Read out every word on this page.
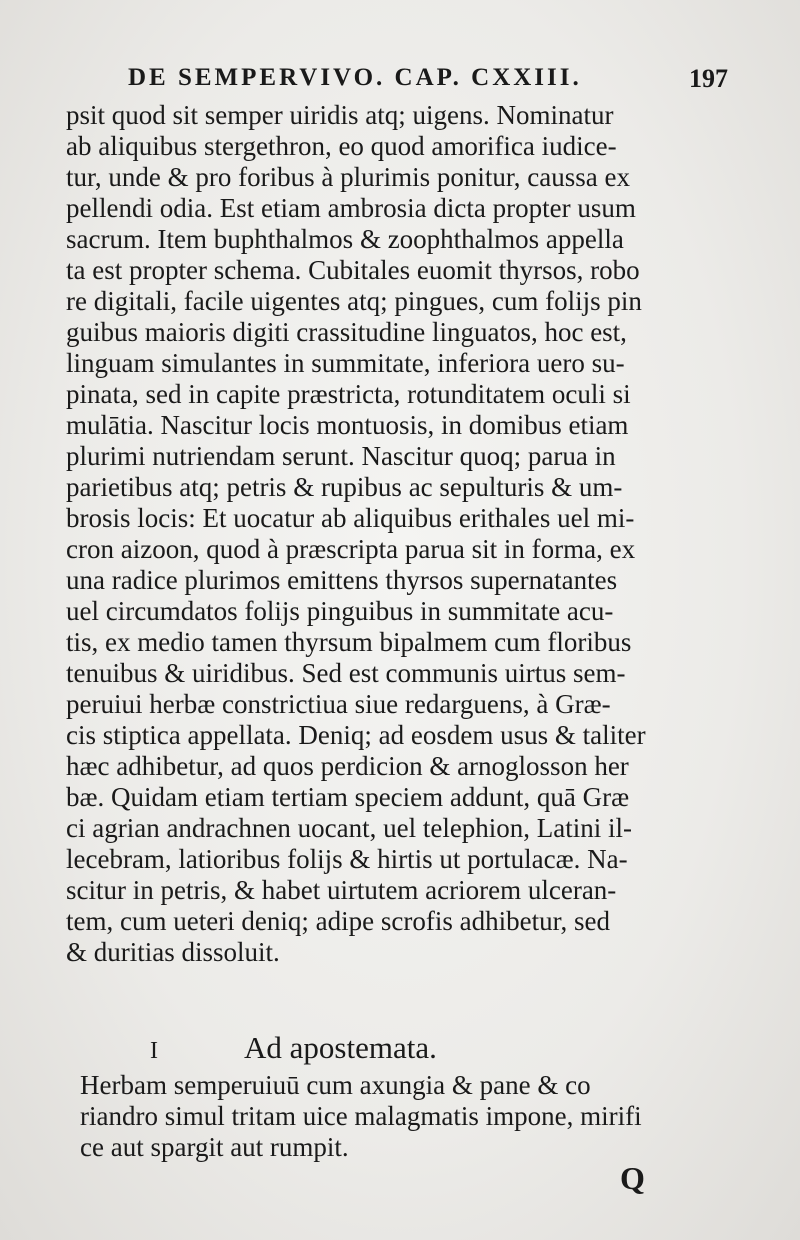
DE SEMPERVIVO. CAP. CXXIII.	197
psit quod sit semper uiridis atq; uigens. Nominatur
ab aliquibus stergethron, eo quod amorifica iudice-
tur, unde & pro foribus à plurimis ponitur, caussa ex
pellendi odia. Est etiam ambrosia dicta propter usum
sacrum. Item buphthalmos & zoophthalmos appella
ta est propter schema. Cubitales euomit thyrsos, robo
re digitali, facile uigentes atq; pingues, cum folijs pin
guibus maioris digiti crassitudine linguatos, hoc est,
linguam simulantes in summitate, inferiora uero su-
pinata, sed in capite præstricta, rotunditatem oculi si
mulātia. Nascitur locis montuosis, in domibus etiam
plurimi nutriendam serunt. Nascitur quoq; parua in
parietibus atq; petris & rupibus ac sepulturis & um-
brosis locis: Et uocatur ab aliquibus erithales uel mi-
cron aizoon, quod à præscripta parua sit in forma, ex
una radice plurimos emittens thyrsos supernatantes
uel circumdatos folijs pinguibus in summitate acu-
tis, ex medio tamen thyrsum bipalmem cum floribus
tenuibus & uiridibus. Sed est communis uirtus sem-
peruiui herbæ constrictiua siue redarguens, à Græ-
cis stiptica appellata. Deniq; ad eosdem usus & taliter
hæc adhibetur, ad quos perdicion & arnoglosson her
bæ. Quidam etiam tertiam speciem addunt, quā Græ
ci agrian andrachnen uocant, uel telephion, Latini il-
lecebram, latioribus folijs & hirtis ut portulacæ. Na-
scitur in petris, & habet uirtutem acriorem ulceran-
tem, cum ueteri deniq; adipe scrofis adhibetur, sed
& duritias dissoluit.
I	Ad apostemata.
Herbam semperuiuū cum axungia & pane & co
riandro simul tritam uice malagmatis impone, mirifi
ce aut spargit aut rumpit.
Q
